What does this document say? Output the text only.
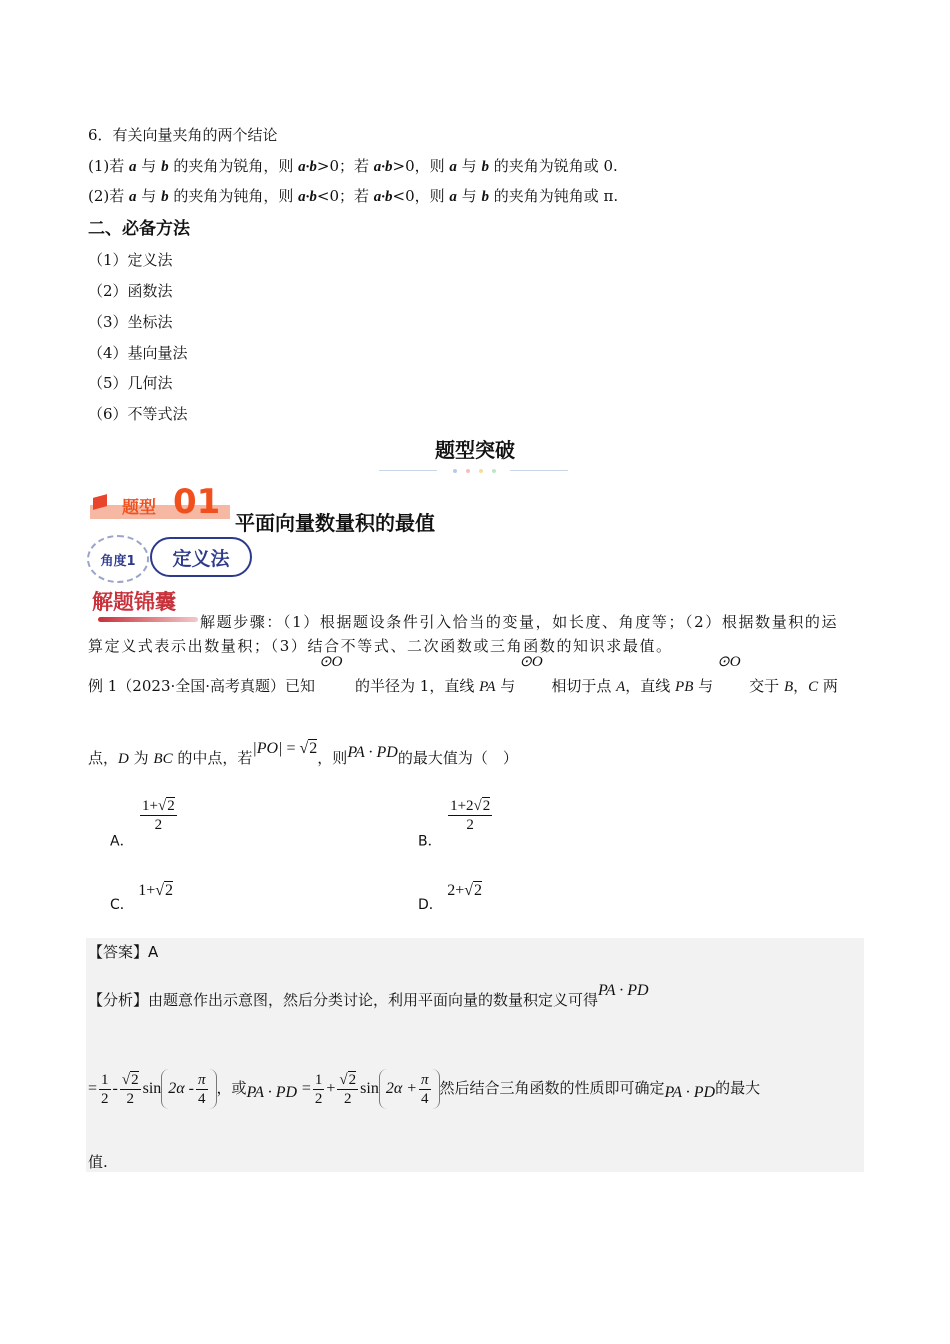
6．有关向量夹角的两个结论
(1)若 a 与 b 的夹角为锐角，则 a·b>0；若 a·b>0，则 a 与 b 的夹角为锐角或 0.
(2)若 a 与 b 的夹角为钝角，则 a·b<0；若 a·b<0，则 a 与 b 的夹角为钝角或 π.
二、必备方法
（1）定义法
（2）函数法
（3）坐标法
（4）基向量法
（5）几何法
（6）不等式法
题型突破
题型 01
平面向量数量积的最值
角度1	定义法
解题锦囊
解题步骤：（1）根据题设条件引入恰当的变量，如长度、角度等；（2）根据数量积的运
算定义式表示出数量积；（3）结合不等式、二次函数或三角函数的知识求最值。
例 1（2023·全国·高考真题）已知
⊙O
的半径为 1，直线 PA 与
⊙O
相切于点 A，直线 PB 与
⊙O
交于 B，C 两
点，D 为 BC 的中点，若|PO| = √2，则PA · PD的最大值为（　）
A．
$\frac{1+√2}{2}$
B．
$\frac{1+2√2}{2}$
C． 1+√2
D． 2+√2
【答案】A
【分析】由题意作出示意图，然后分类讨论，利用平面向量的数量积定义可得PA · PD
= $\frac{1}{2} - \frac{√2}{2}$ $\sin 2\alpha - \frac{\pi}{4}$ ，或PA · PD = $\frac{1}{2} + \frac{√2}{2}$ $\sin 2\alpha + \frac{\pi}{4}$ 然后结合三角函数的性质即可确定PA · PD的最大
值.
